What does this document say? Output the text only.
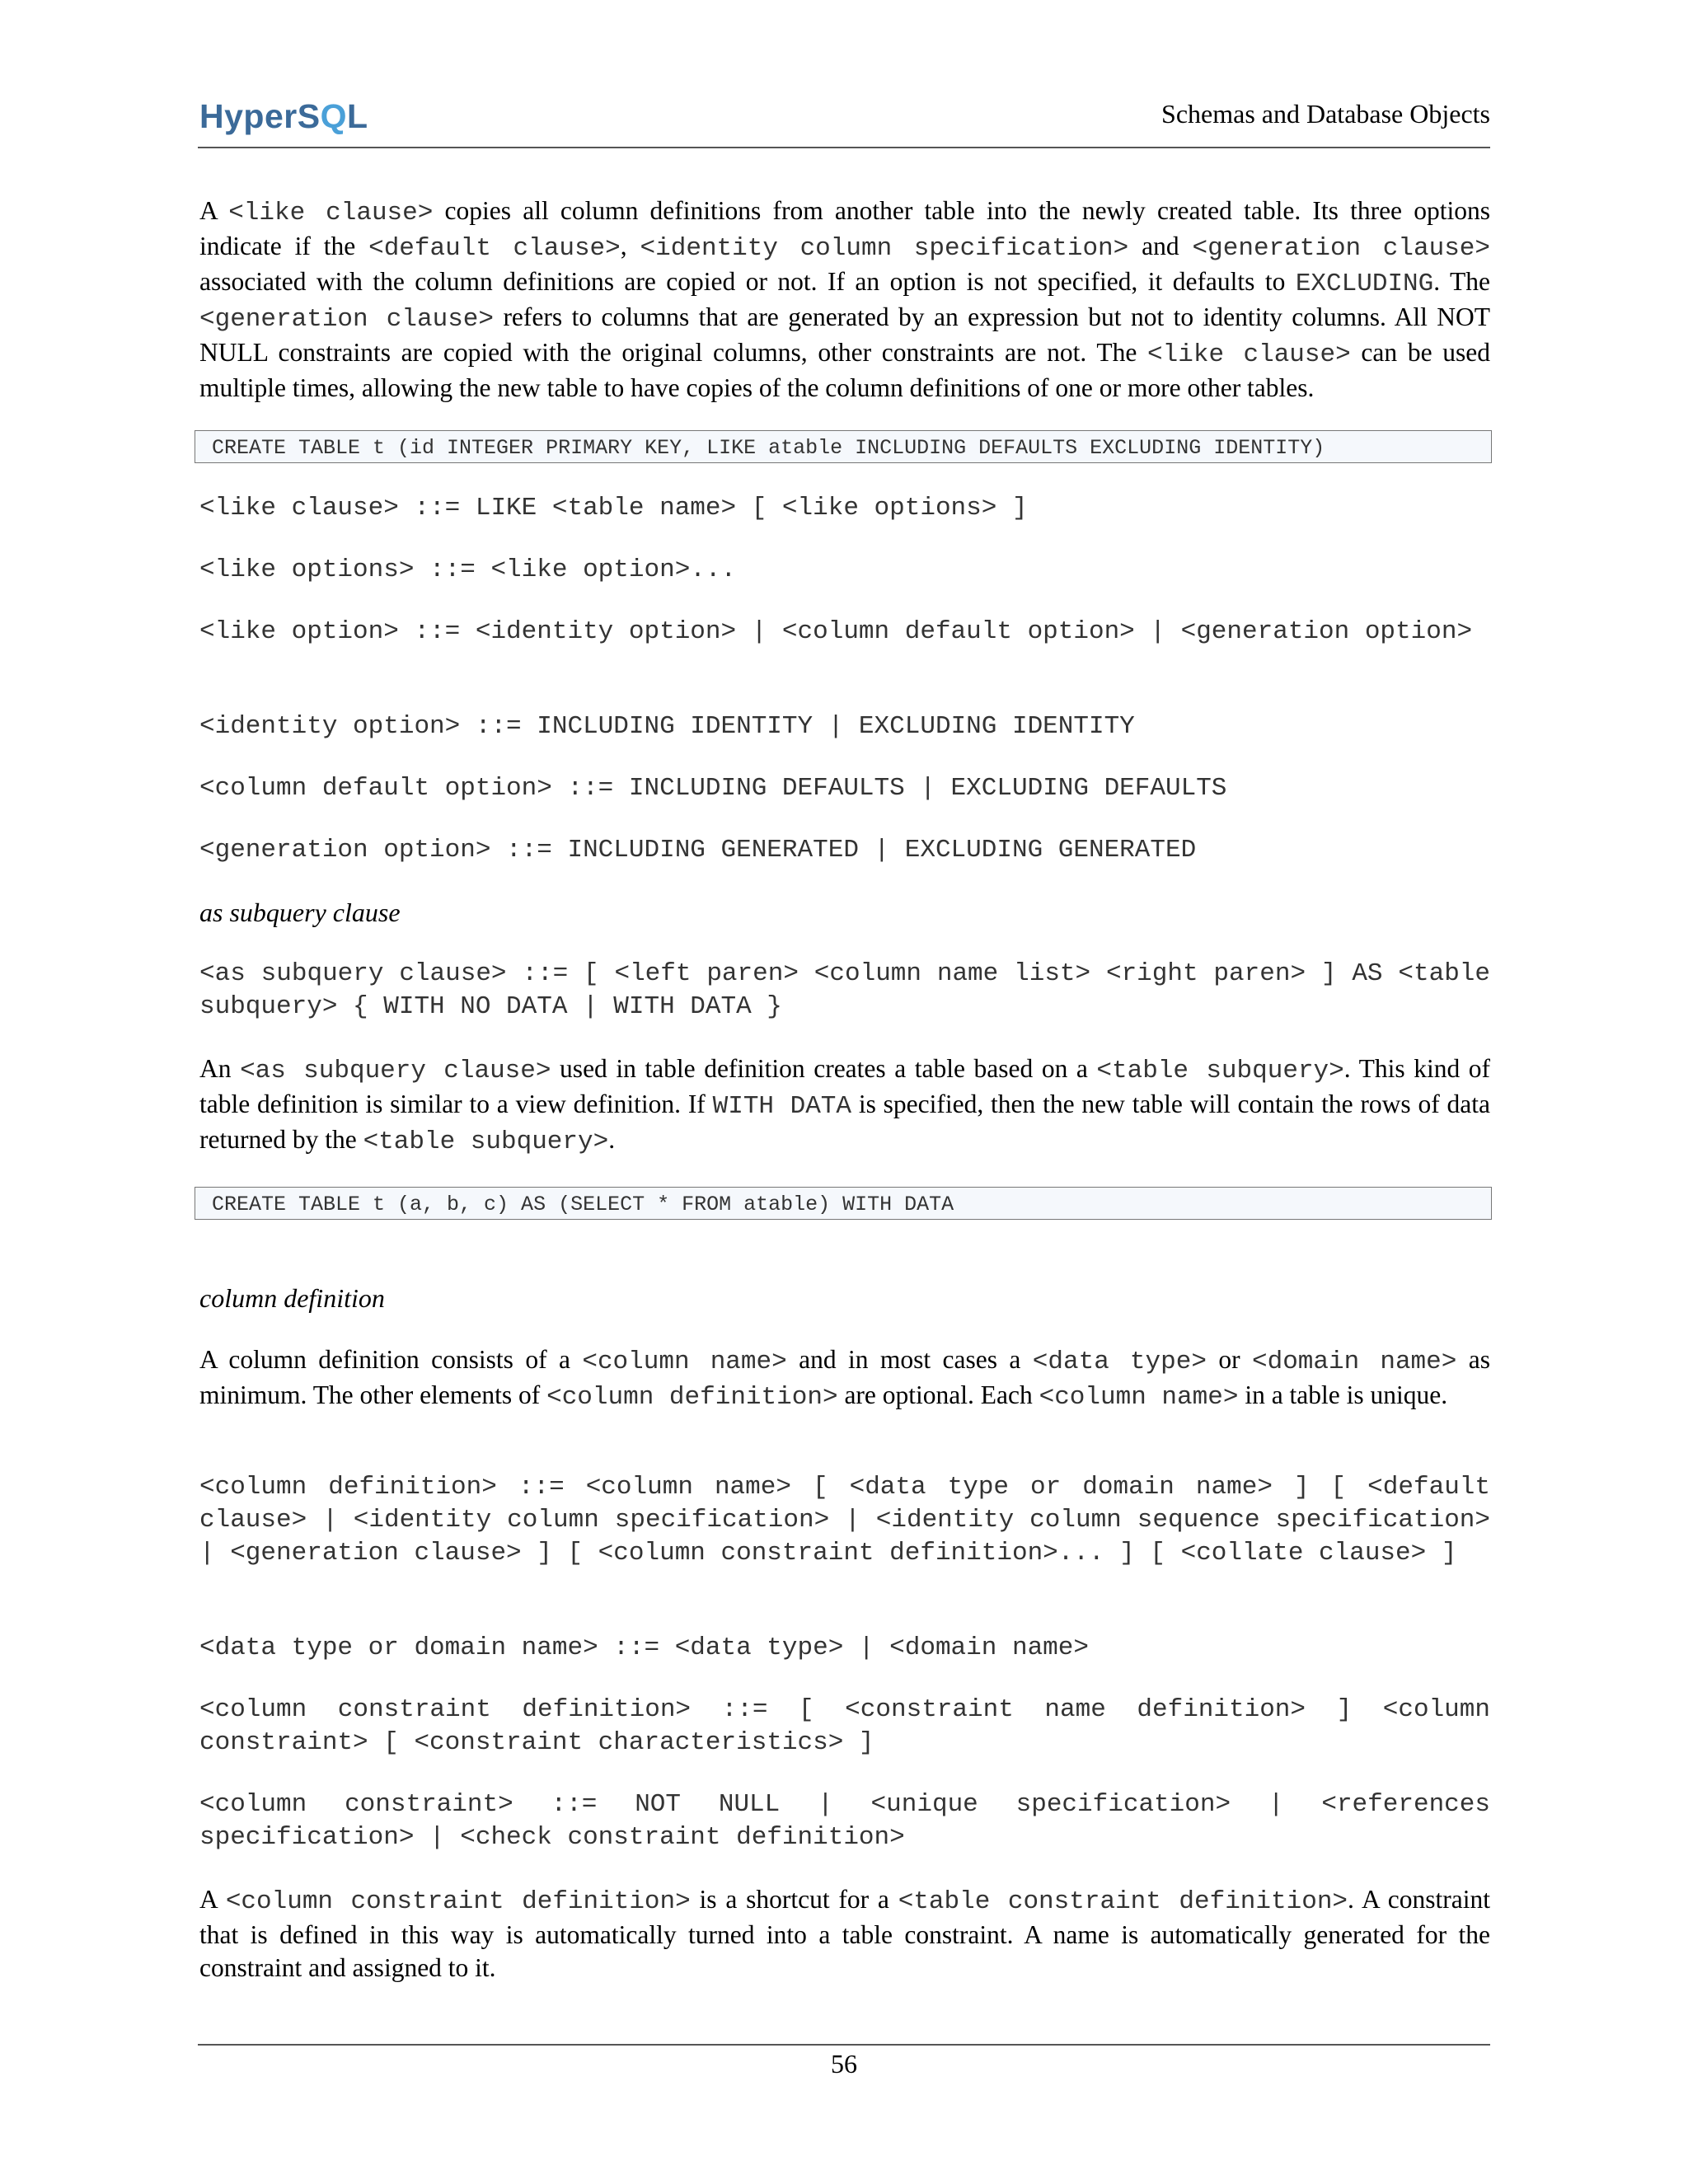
HyperSQL	Schemas and Database Objects

A <like clause> copies all column definitions from another table into the newly created table. Its three options indicate if the <default clause>, <identity column specification> and <generation clause> associated with the column definitions are copied or not. If an option is not specified, it defaults to EXCLUDING. The <generation clause> refers to columns that are generated by an expression but not to identity columns. All NOT NULL constraints are copied with the original columns, other constraints are not. The <like clause> can be used multiple times, allowing the new table to have copies of the column definitions of one or more other tables.

CREATE TABLE t (id INTEGER PRIMARY KEY, LIKE atable INCLUDING DEFAULTS EXCLUDING IDENTITY)

<like clause> ::= LIKE <table name> [ <like options> ]

<like options> ::= <like option>...

<like option> ::= <identity option> | <column default option> | <generation option>

<identity option> ::= INCLUDING IDENTITY | EXCLUDING IDENTITY

<column default option> ::= INCLUDING DEFAULTS | EXCLUDING DEFAULTS

<generation option> ::= INCLUDING GENERATED | EXCLUDING GENERATED

as subquery clause

<as subquery clause> ::= [ <left paren> <column name list> <right paren> ] AS <table subquery> { WITH NO DATA | WITH DATA }

An <as subquery clause> used in table definition creates a table based on a <table subquery>. This kind of table definition is similar to a view definition. If WITH DATA is specified, then the new table will contain the rows of data returned by the <table subquery>.

CREATE TABLE t (a, b, c) AS (SELECT * FROM atable) WITH DATA

column definition

A column definition consists of a <column name> and in most cases a <data type> or <domain name> as minimum. The other elements of <column definition> are optional. Each <column name> in a table is unique.

<column definition> ::= <column name> [ <data type or domain name> ] [ <default clause> | <identity column specification> | <identity column sequence specification> | <generation clause> ] [ <column constraint definition>... ] [ <collate clause> ]

<data type or domain name> ::= <data type> | <domain name>

<column constraint definition> ::= [ <constraint name definition> ] <column constraint> [ <constraint characteristics> ]

<column constraint> ::= NOT NULL | <unique specification> | <references specification> | <check constraint definition>

A <column constraint definition> is a shortcut for a <table constraint definition>. A constraint that is defined in this way is automatically turned into a table constraint. A name is automatically generated for the constraint and assigned to it.

56
